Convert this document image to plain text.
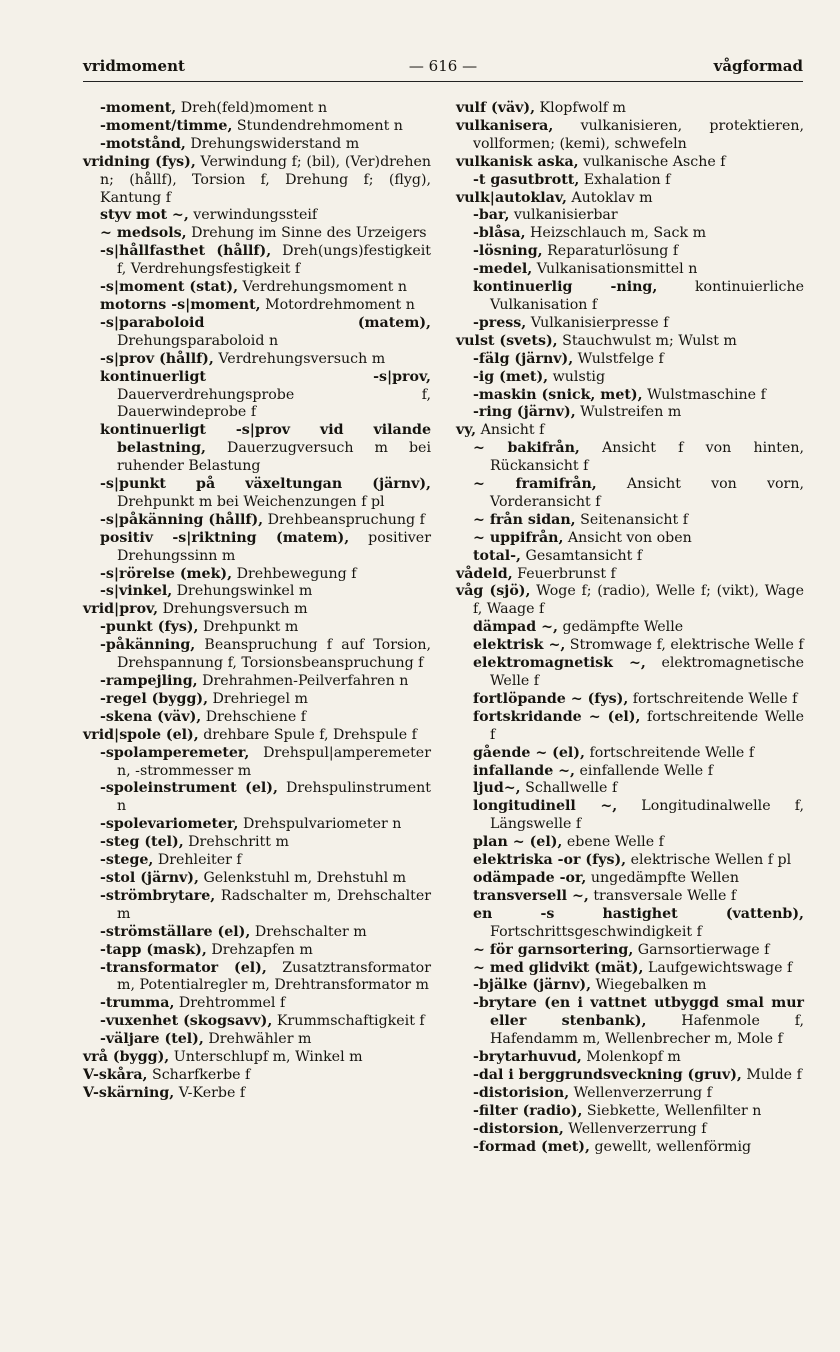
vridmoment	— 616 —	vågformad
-moment, Dreh(feld)moment n
-moment/timme, Stundendrehmoment n
-motstånd, Drehungswiderstand m
vridning (fys), Verwindung f; (bil), (Ver)drehen n; (hållf), Torsion f, Drehung f; (flyg), Kantung f
styv mot ~, verwindungssteif
~ medsols, Drehung im Sinne des Urzeigers
-s|hållfasthet (hållf), Dreh(ungs)festigkeit f, Verdrehungsfestigkeit f
-s|moment (stat), Verdrehungsmoment n
motorns -s|moment, Motordrehmoment n
-s|paraboloid (matem), Drehungsparaboloid n
-s|prov (hållf), Verdrehungsversuch m
kontinuerligt -s|prov, Dauerverdrehungsprobe f, Dauerwindeprobe f
kontinuerligt -s|prov vid vilande belastning, Dauerzugversuch m bei ruhender Belastung
-s|punkt på växeltungan (järnv), Drehpunkt m bei Weichenzungen f pl
-s|påkänning (hållf), Drehbeanspruchung f
positiv -s|riktning (matem), positiver Drehungssinn m
-s|rörelse (mek), Drehbewegung f
-s|vinkel, Drehungswinkel m
vrid|prov, Drehungsversuch m
-punkt (fys), Drehpunkt m
-påkänning, Beanspruchung f auf Torsion, Drehspannung f, Torsionsbeanspruchung f
-rampejling, Drehrahmen-Peilverfahren n
-regel (bygg), Drehriegel m
-skena (väv), Drehschiene f
vrid|spole (el), drehbare Spule f, Drehspule f
-spolamperemeter, Drehspul|amperemeter n, -strommesser m
-spoleinstrument (el), Drehspulinstrument n
-spolevariometer, Drehspulvariometer n
-steg (tel), Drehschritt m
-stege, Drehleiter f
-stol (järnv), Gelenkstuhl m, Drehstuhl m
-strömbrytare, Radschalter m, Drehschalter m
-strömställare (el), Drehschalter m
-tapp (mask), Drehzapfen m
-transformator (el), Zusatztransformator m, Potentialregler m, Drehtransformator m
-trumma, Drehtrommel f
-vuxenhet (skogsavv), Krummschaftigkeit f
-väljare (tel), Drehwähler m
vrå (bygg), Unterschlupf m, Winkel m
V-skåra, Scharfkerbe f
V-skärning, V-Kerbe f
vulf (väv), Klopfwolf m
vulkanisera, vulkanisieren, protektieren, vollformen; (kemi), schwefeln
vulkanisk aska, vulkanische Asche f
-t gasutbrott, Exhalation f
vulk|autoklav, Autoklav m
-bar, vulkanisierbar
-blåsa, Heizschlauch m, Sack m
-lösning, Reparaturlösung f
-medel, Vulkanisationsmittel n
kontinuerlig -ning, kontinuierliche Vulkanisation f
-press, Vulkanisierpresse f
vulst (svets), Stauchwulst m; Wulst m
-fälg (järnv), Wulstfelge f
-ig (met), wulstig
-maskin (snick, met), Wulstmaschine f
-ring (järnv), Wulstreifen m
vy, Ansicht f
~ bakifrån, Ansicht f von hinten, Rückansicht f
~ framifrån, Ansicht von vorn, Vorderansicht f
~ från sidan, Seitenansicht f
~ uppifrån, Ansicht von oben
total-, Gesamtansicht f
vådeld, Feuerbrunst f
våg (sjö), Woge f; (radio), Welle f; (vikt), Wage f, Waage f
dämpad ~, gedämpfte Welle
elektrisk ~, Stromwage f, elektrische Welle f
elektromagnetisk ~, elektromagnetische Welle f
fortlöpande ~ (fys), fortschreitende Welle f
fortskridande ~ (el), fortschreitende Welle f
gående ~ (el), fortschreitende Welle f
infallande ~, einfallende Welle f
ljud~, Schallwelle f
longitudinell ~, Longitudinalwelle f, Längswelle f
plan ~ (el), ebene Welle f
elektriska -or (fys), elektrische Wellen f pl
odämpade -or, ungedämpfte Wellen
transversell ~, transversale Welle f
en -s hastighet (vattenb), Fortschrittsgeschwindigkeit f
~ för garnsortering, Garnsortierwage f
~ med glidvikt (mät), Laufgewichtswage f
-bjälke (järnv), Wiegebalken m
-brytare (en i vattnet utbyggd smal mur eller stenbank), Hafenmole f, Hafendamm m, Wellenbrecher m, Mole f
-brytarhuvud, Molenkopf m
-dal i berggrundsveckning (gruv), Mulde f
-distorision, Wellenverzerrung f
-filter (radio), Siebkette, Wellenfilter n
-distorsion, Wellenverzerrung f
-formad (met), gewellt, wellenförmig
